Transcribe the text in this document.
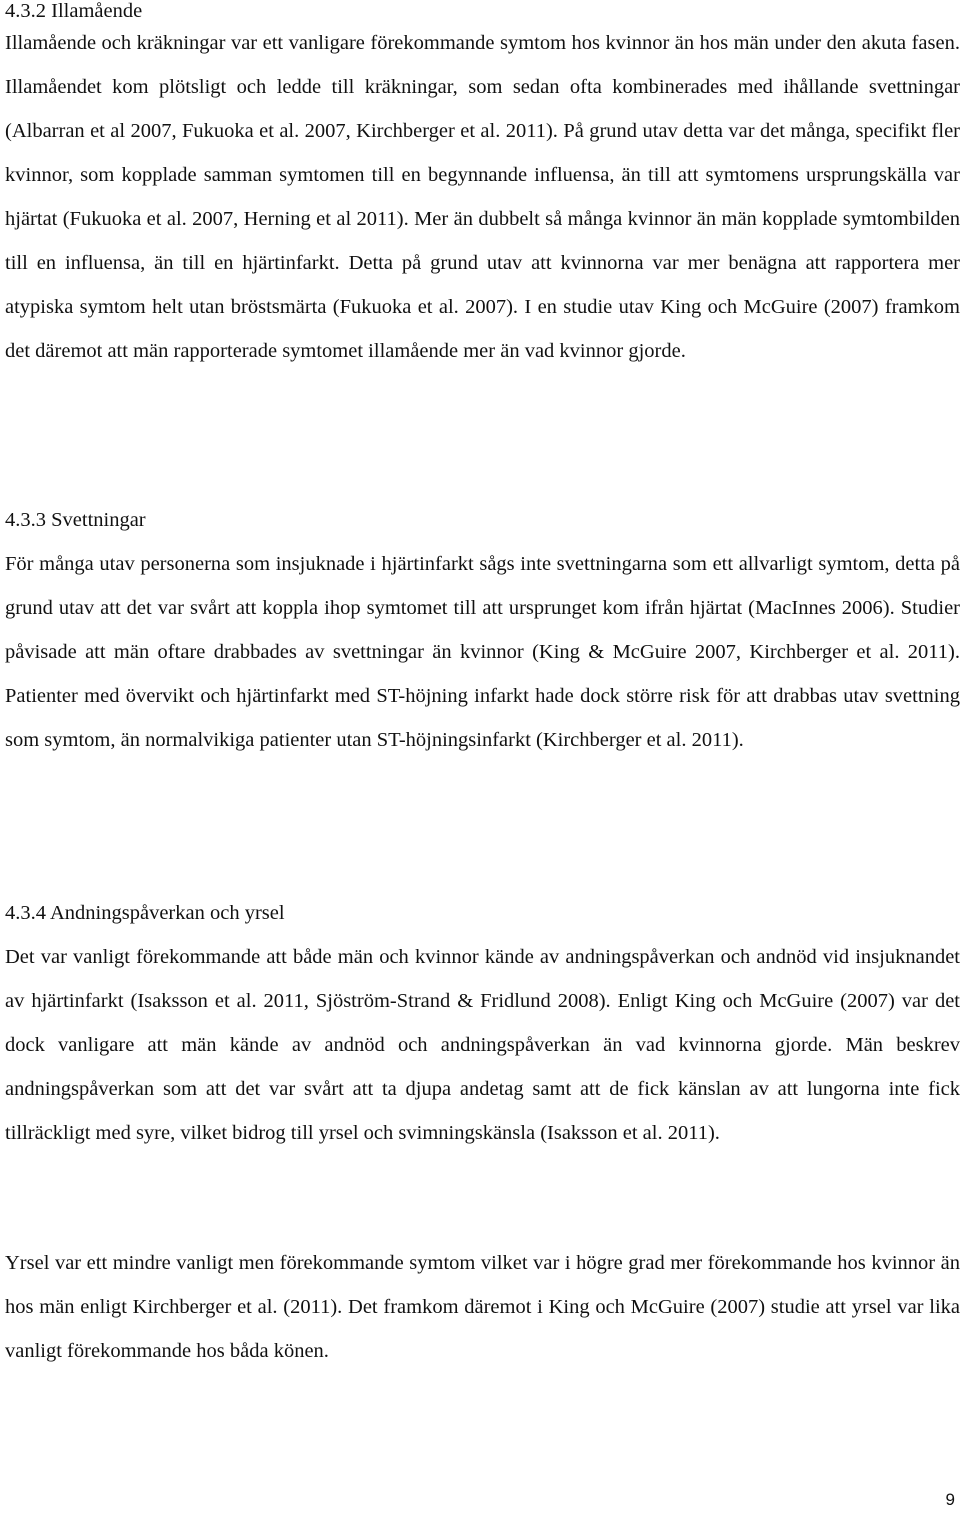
4.3.2 Illamående

Illamående och kräkningar var ett vanligare förekommande symtom hos kvinnor än hos män under den akuta fasen. Illamåendet kom plötsligt och ledde till kräkningar, som sedan ofta kombinerades med ihållande svettningar (Albarran et al 2007, Fukuoka et al. 2007, Kirchberger et al. 2011). På grund utav detta var det många, specifikt fler kvinnor, som kopplade samman symtomen till en begynnande influensa, än till att symtomens ursprungskälla var hjärtat (Fukuoka et al. 2007, Herning et al 2011). Mer än dubbelt så många kvinnor än män kopplade symtombilden till en influensa, än till en hjärtinfarkt. Detta på grund utav att kvinnorna var mer benägna att rapportera mer atypiska symtom helt utan bröstsmärta (Fukuoka et al. 2007). I en studie utav King och McGuire (2007) framkom det däremot att män rapporterade symtomet illamående mer än vad kvinnor gjorde.

4.3.3 Svettningar

För många utav personerna som insjuknade i hjärtinfarkt sågs inte svettningarna som ett allvarligt symtom, detta på grund utav att det var svårt att koppla ihop symtomet till att ursprunget kom ifrån hjärtat (MacInnes 2006). Studier påvisade att män oftare drabbades av svettningar än kvinnor (King & McGuire 2007, Kirchberger et al. 2011). Patienter med övervikt och hjärtinfarkt med ST-höjning infarkt hade dock större risk för att drabbas utav svettning som symtom, än normalvikiga patienter utan ST-höjningsinfarkt (Kirchberger et al. 2011).

4.3.4 Andningspåverkan och yrsel

Det var vanligt förekommande att både män och kvinnor kände av andningspåverkan och andnöd vid insjuknandet av hjärtinfarkt (Isaksson et al. 2011, Sjöström-Strand & Fridlund 2008). Enligt King och McGuire (2007) var det dock vanligare att män kände av andnöd och andningspåverkan än vad kvinnorna gjorde. Män beskrev andningspåverkan som att det var svårt att ta djupa andetag samt att de fick känslan av att lungorna inte fick tillräckligt med syre, vilket bidrog till yrsel och svimningskänsla (Isaksson et al. 2011).

Yrsel var ett mindre vanligt men förekommande symtom vilket var i högre grad mer förekommande hos kvinnor än hos män enligt Kirchberger et al. (2011). Det framkom däremot i King och McGuire (2007) studie att yrsel var lika vanligt förekommande hos båda könen.

9
